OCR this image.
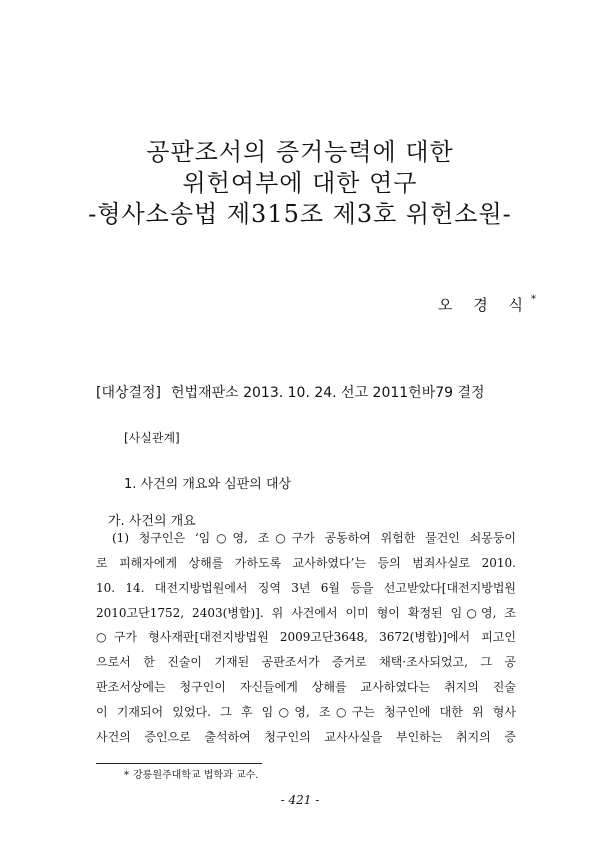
공판조서의 증거능력에 대한
위헌여부에 대한 연구
-형사소송법 제315조 제3호 위헌소원-
오 경 식*
[대상결정] 헌법재판소 2013. 10. 24. 선고 2011헌바79 결정
[사실관계]
1. 사건의 개요와 심판의 대상
가. 사건의 개요
(1) 청구인은 ‘임○영, 조○구가 공동하여 위험한 물건인 쇠몽둥이
로 피해자에게 상해를 가하도록 교사하였다’는 등의 범죄사실로 2010.
10. 14. 대전지방법원에서 징역 3년 6월 등을 선고받았다[대전지방법원
2010고단1752, 2403(병합)]. 위 사건에서 이미 형이 확정된 임○영, 조
○구가 형사재판[대전지방법원 2009고단3648, 3672(병합)]에서 피고인
으로서 한 진술이 기재된 공판조서가 증거로 채택·조사되었고, 그 공
판조서상에는 청구인이 자신들에게 상해를 교사하였다는 취지의 진술
이 기재되어 있었다. 그 후 임○영, 조○구는 청구인에 대한 위 형사
사건의 증인으로 출석하여 청구인의 교사사실을 부인하는 취지의 증
* 강릉원주대학교 법학과 교수.
- 421 -
